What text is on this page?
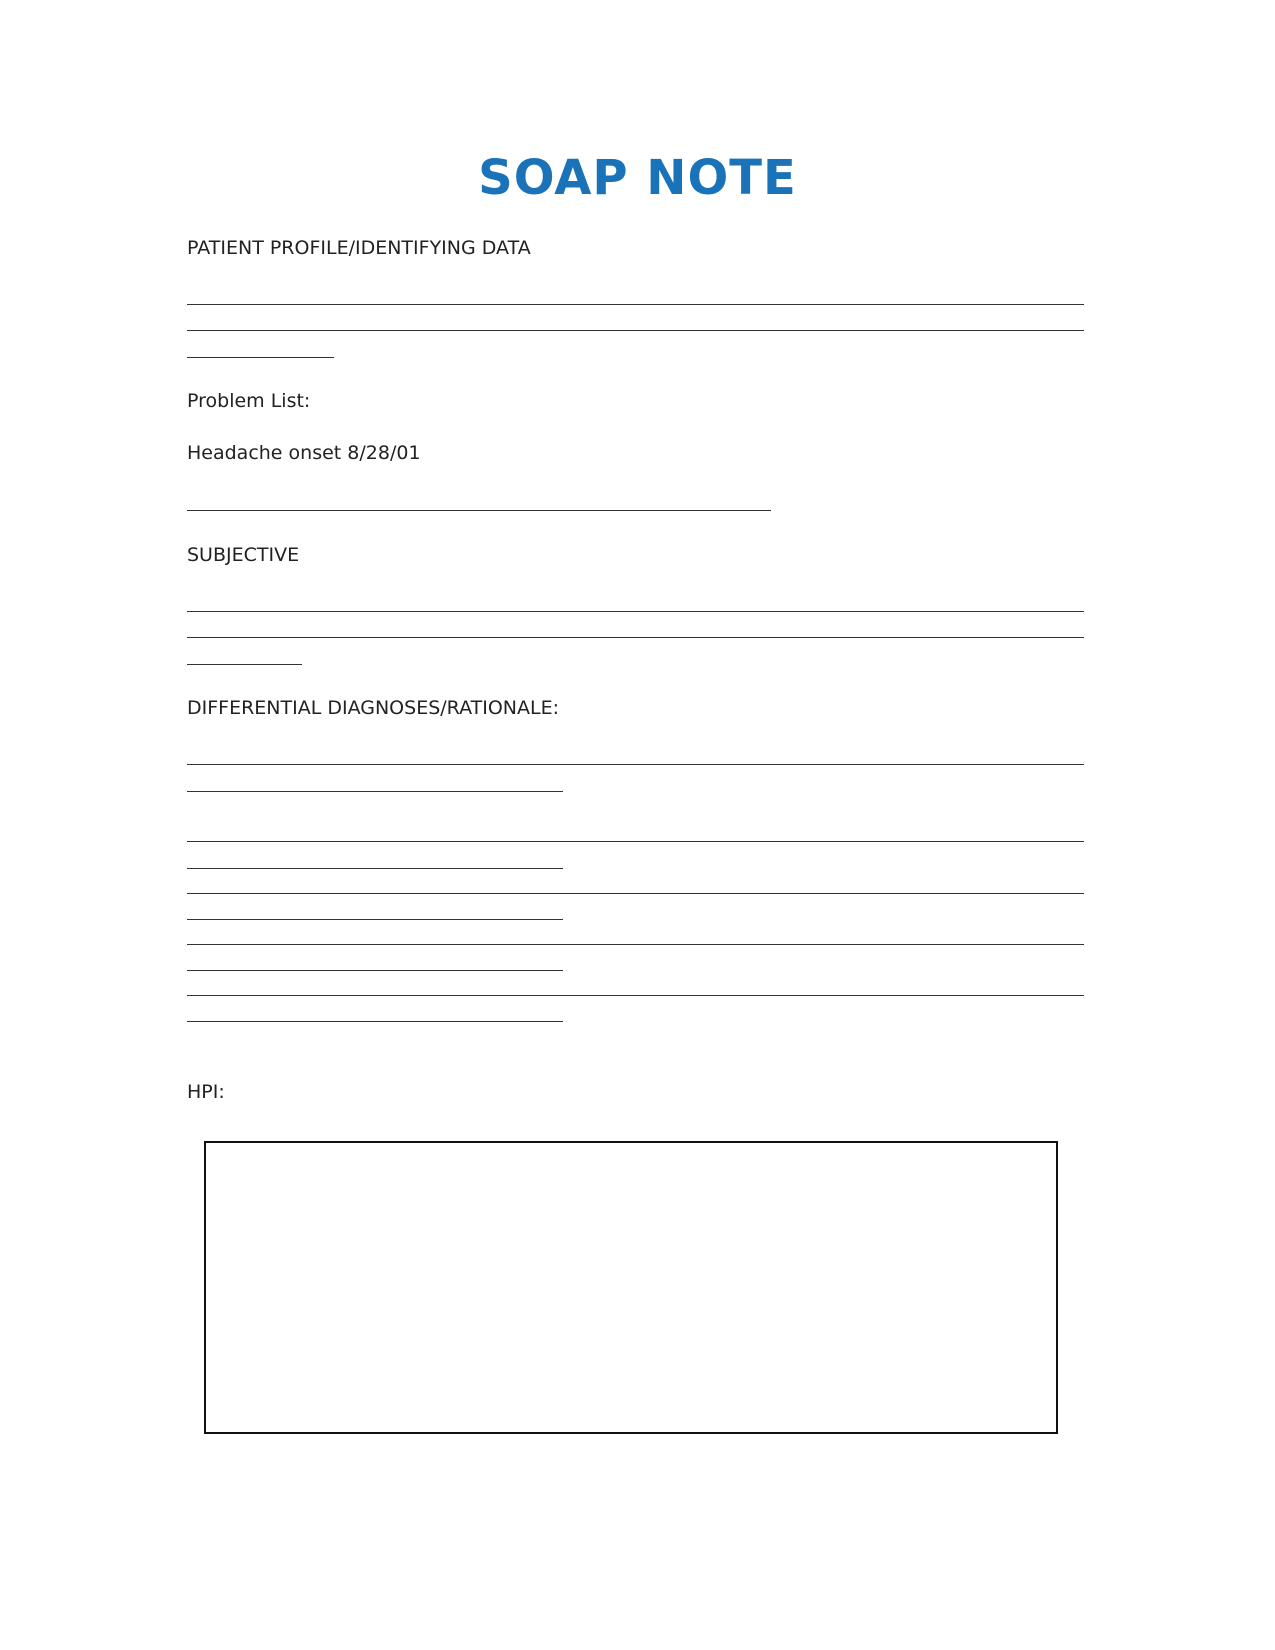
SOAP NOTE
PATIENT PROFILE/IDENTIFYING DATA
Problem List:
Headache onset 8/28/01
SUBJECTIVE
DIFFERENTIAL DIAGNOSES/RATIONALE:
HPI:
